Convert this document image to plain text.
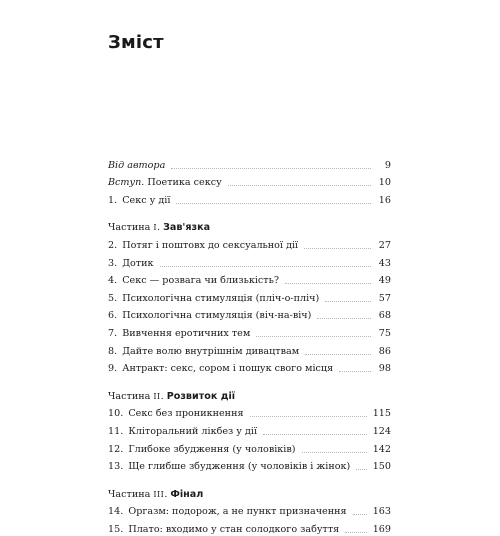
Зміст
Від автора	9
Вступ. Поетика сексу	10
1. Секс у дії	16
Частина I . Зав'язка
2. Потяг і поштовх до сексуальної дії	27
3. Дотик	43
4. Секс — розвага чи близькість?	49
5. Психологічна стимуляція (пліч-о-пліч)	57
6. Психологічна стимуляція (віч-на-віч)	68
7. Вивчення еротичних тем	75
8. Дайте волю внутрішнім дивацтвам	86
9. Антракт: секс, сором і пошук свого місця	98
Частина II . Розвиток дії
10. Секс без проникнення	115
11. Кліторальний лікбез у дії	124
12. Глибоке збудження (у чоловіків)	142
13. Ще глибше збудження (у чоловіків і жінок) 150
Частина III . Фінал
14. Оргазм: подорож, а не пункт призначення	163
15. Плато: входимо у стан солодкого забуття	169
